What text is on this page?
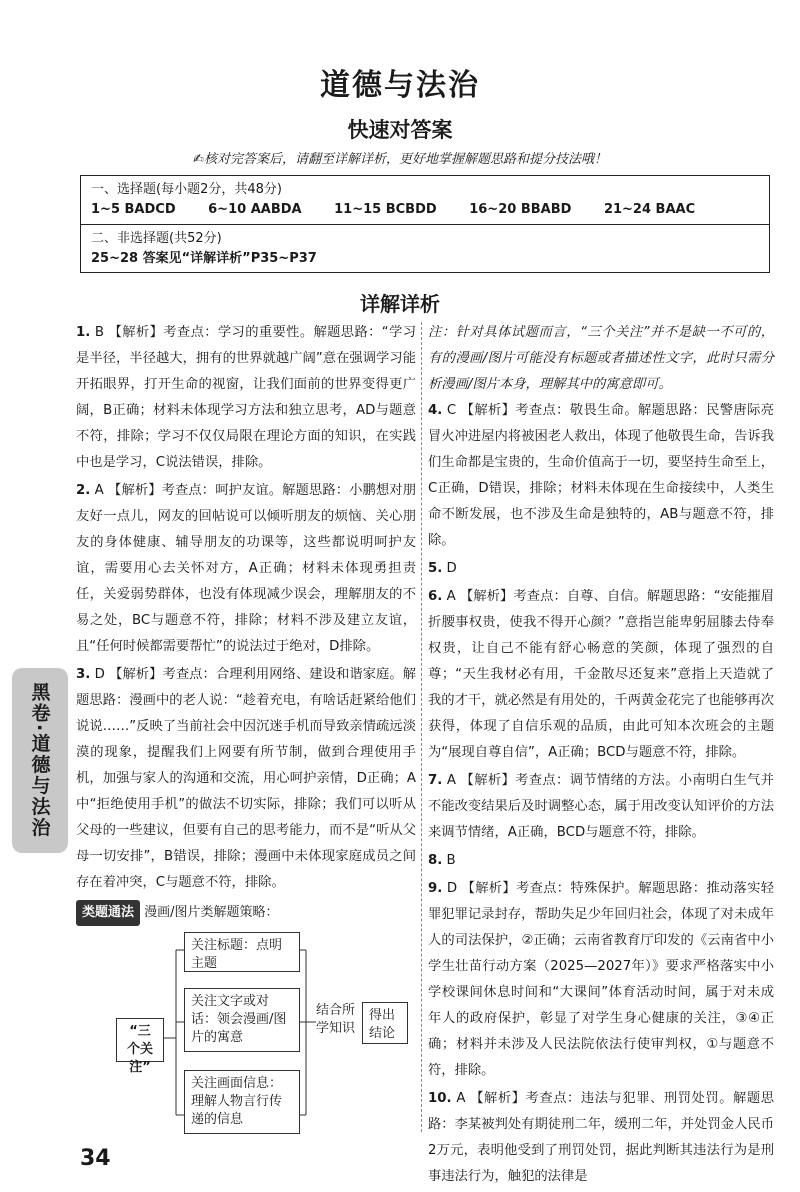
道德与法治
快速对答案
✍核对完答案后，请翻至详解详析，更好地掌握解题思路和提分技法哦！
一、选择题(每小题2分，共48分)
1~5 BADCD	6~10 AABDA	11~15 BCBDD	16~20 BBABD	21~24 BAAC
二、非选择题(共52分)
25~28 答案见“详解详析”P35~P37
详解详析
1. B 【解析】考查点：学习的重要性。解题思路：“学习是半径，半径越大，拥有的世界就越广阔”意在强调学习能开拓眼界，打开生命的视窗，让我们面前的世界变得更广阔，B正确；材料未体现学习方法和独立思考，AD与题意不符，排除；学习不仅仅局限在理论方面的知识，在实践中也是学习，C说法错误，排除。
2. A 【解析】考查点：呵护友谊。解题思路：小鹏想对朋友好一点儿，网友的回帖说可以倾听朋友的烦恼、关心朋友的身体健康、辅导朋友的功课等，这些都说明呵护友谊，需要用心去关怀对方，A正确；材料未体现勇担责任，关爱弱势群体，也没有体现减少误会，理解朋友的不易之处，BC与题意不符，排除；材料不涉及建立友谊，且“任何时候都需要帮忙”的说法过于绝对，D排除。
3. D 【解析】考查点：合理利用网络、建设和谐家庭。解题思路：漫画中的老人说：“趁着充电，有啥话赶紧给他们说说……”反映了当前社会中因沉迷手机而导致亲情疏远淡漠的现象，提醒我们上网要有所节制，做到合理使用手机，加强与家人的沟通和交流，用心呵护亲情，D正确；A中“拒绝使用手机”的做法不切实际，排除；我们可以听从父母的一些建议，但要有自己的思考能力，而不是“听从父母一切安排”，B错误，排除；漫画中未体现家庭成员之间存在着冲突，C与题意不符，排除。
类题通法 漫画/图片类解题策略：
“三个关注”
关注标题：点明主题
关注文字或对话：领会漫画/图片的寓意
关注画面信息：理解人物言行传递的信息
结合所学知识
得出结论
注：针对具体试题而言，“三个关注”并不是缺一不可的，有的漫画/图片可能没有标题或者描述性文字，此时只需分析漫画/图片本身，理解其中的寓意即可。
4. C 【解析】考查点：敬畏生命。解题思路：民警唐际亮冒火冲进屋内将被困老人救出，体现了他敬畏生命，告诉我们生命都是宝贵的，生命价值高于一切，要坚持生命至上，C正确，D错误，排除；材料未体现在生命接续中，人类生命不断发展，也不涉及生命是独特的，AB与题意不符，排除。
5. D
6. A 【解析】考查点：自尊、自信。解题思路：“安能摧眉折腰事权贵，使我不得开心颜？”意指岂能卑躬屈膝去侍奉权贵，让自己不能有舒心畅意的笑颜，体现了强烈的自尊；“天生我材必有用，千金散尽还复来”意指上天造就了我的才干，就必然是有用处的，千两黄金花完了也能够再次获得，体现了自信乐观的品质，由此可知本次班会的主题为“展现自尊自信”，A正确；BCD与题意不符，排除。
7. A 【解析】考查点：调节情绪的方法。小南明白生气并不能改变结果后及时调整心态，属于用改变认知评价的方法来调节情绪，A正确，BCD与题意不符，排除。
8. B
9. D 【解析】考查点：特殊保护。解题思路：推动落实轻罪犯罪记录封存，帮助失足少年回归社会，体现了对未成年人的司法保护，②正确；云南省教育厅印发的《云南省中小学生壮苗行动方案（2025—2027年）》要求严格落实中小学校课间休息时间和“大课间”体育活动时间，属于对未成年人的政府保护，彰显了对学生身心健康的关注，③④正确；材料并未涉及人民法院依法行使审判权，①与题意不符，排除。
10. A 【解析】考查点：违法与犯罪、刑罚处罚。解题思路：李某被判处有期徒刑二年，缓刑二年，并处罚金人民币2万元，表明他受到了刑罚处罚，据此判断其违法行为是刑事违法行为，触犯的法律是
黑卷·道德与法治
34
